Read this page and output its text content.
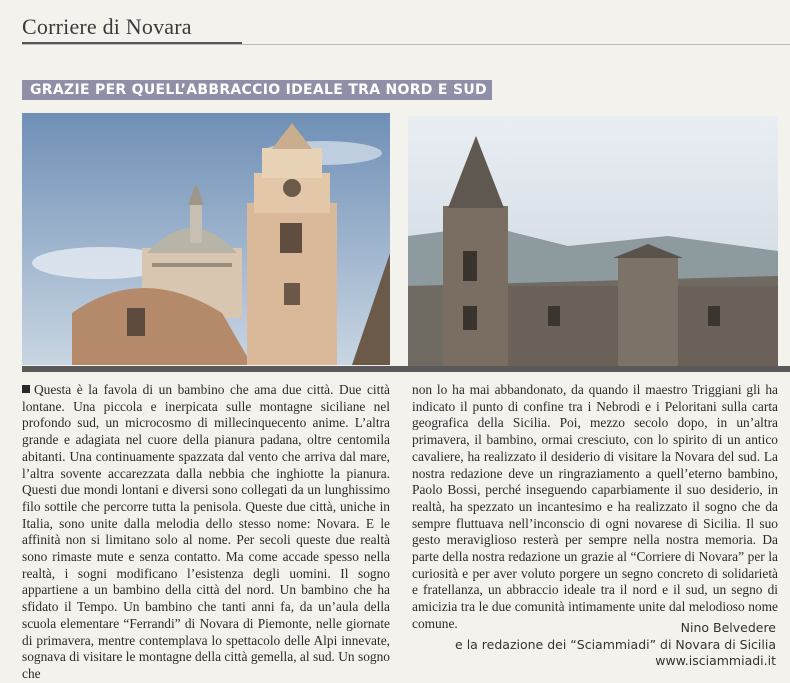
Corriere di Novara
GRAZIE PER QUELL’ABBRACCIO IDEALE TRA NORD E SUD
Questa è la favola di un bambino che ama due città. Due città lontane. Una piccola e inerpicata sulle montagne siciliane nel profondo sud, un microcosmo di millecinquecento anime. L’altra grande e adagiata nel cuore della pianura padana, oltre centomila abitanti. Una continuamente spazzata dal vento che arriva dal mare, l’altra sovente accarezzata dalla nebbia che inghiotte la pianura. Questi due mondi lontani e diversi sono collegati da un lunghissimo filo sottile che percorre tutta la penisola. Queste due città, uniche in Italia, sono unite dalla melodia dello stesso nome: Novara. E le affinità non si limitano solo al nome. Per secoli queste due realtà sono rimaste mute e senza contatto. Ma come accade spesso nella realtà, i sogni modificano l’esistenza degli uomini. Il sogno appartiene a un bambino della città del nord. Un bambino che ha sfidato il Tempo. Un bambino che tanti anni fa, da un’aula della scuola elementare “Ferrandi” di Novara di Piemonte, nelle giornate di primavera, mentre contemplava lo spettacolo delle Alpi innevate, sognava di visitare le montagne della città gemella, al sud. Un sogno che
non lo ha mai abbandonato, da quando il maestro Triggiani gli ha indicato il punto di confine tra i Nebrodi e i Peloritani sulla carta geografica della Sicilia. Poi, mezzo secolo dopo, in un’altra primavera, il bambino, ormai cresciuto, con lo spirito di un antico cavaliere, ha realizzato il desiderio di visitare la Novara del sud. La nostra redazione deve un ringraziamento a quell’eterno bambino, Paolo Bossi, perché inseguendo caparbiamente il suo desiderio, in realtà, ha spezzato un incantesimo e ha realizzato il sogno che da sempre fluttuava nell’inconscio di ogni novarese di Sicilia. Il suo gesto meraviglioso resterà per sempre nella nostra memoria. Da parte della nostra redazione un grazie al “Corriere di Novara” per la curiosità e per aver voluto porgere un segno concreto di solidarietà e fratellanza, un abbraccio ideale tra il nord e il sud, un segno di amicizia tra le due comunità intimamente unite dal melodioso nome comune.	Nino Belvedere
e la redazione dei “Sciammiadi” di Novara di Sicilia
www.isciammiadi.it
